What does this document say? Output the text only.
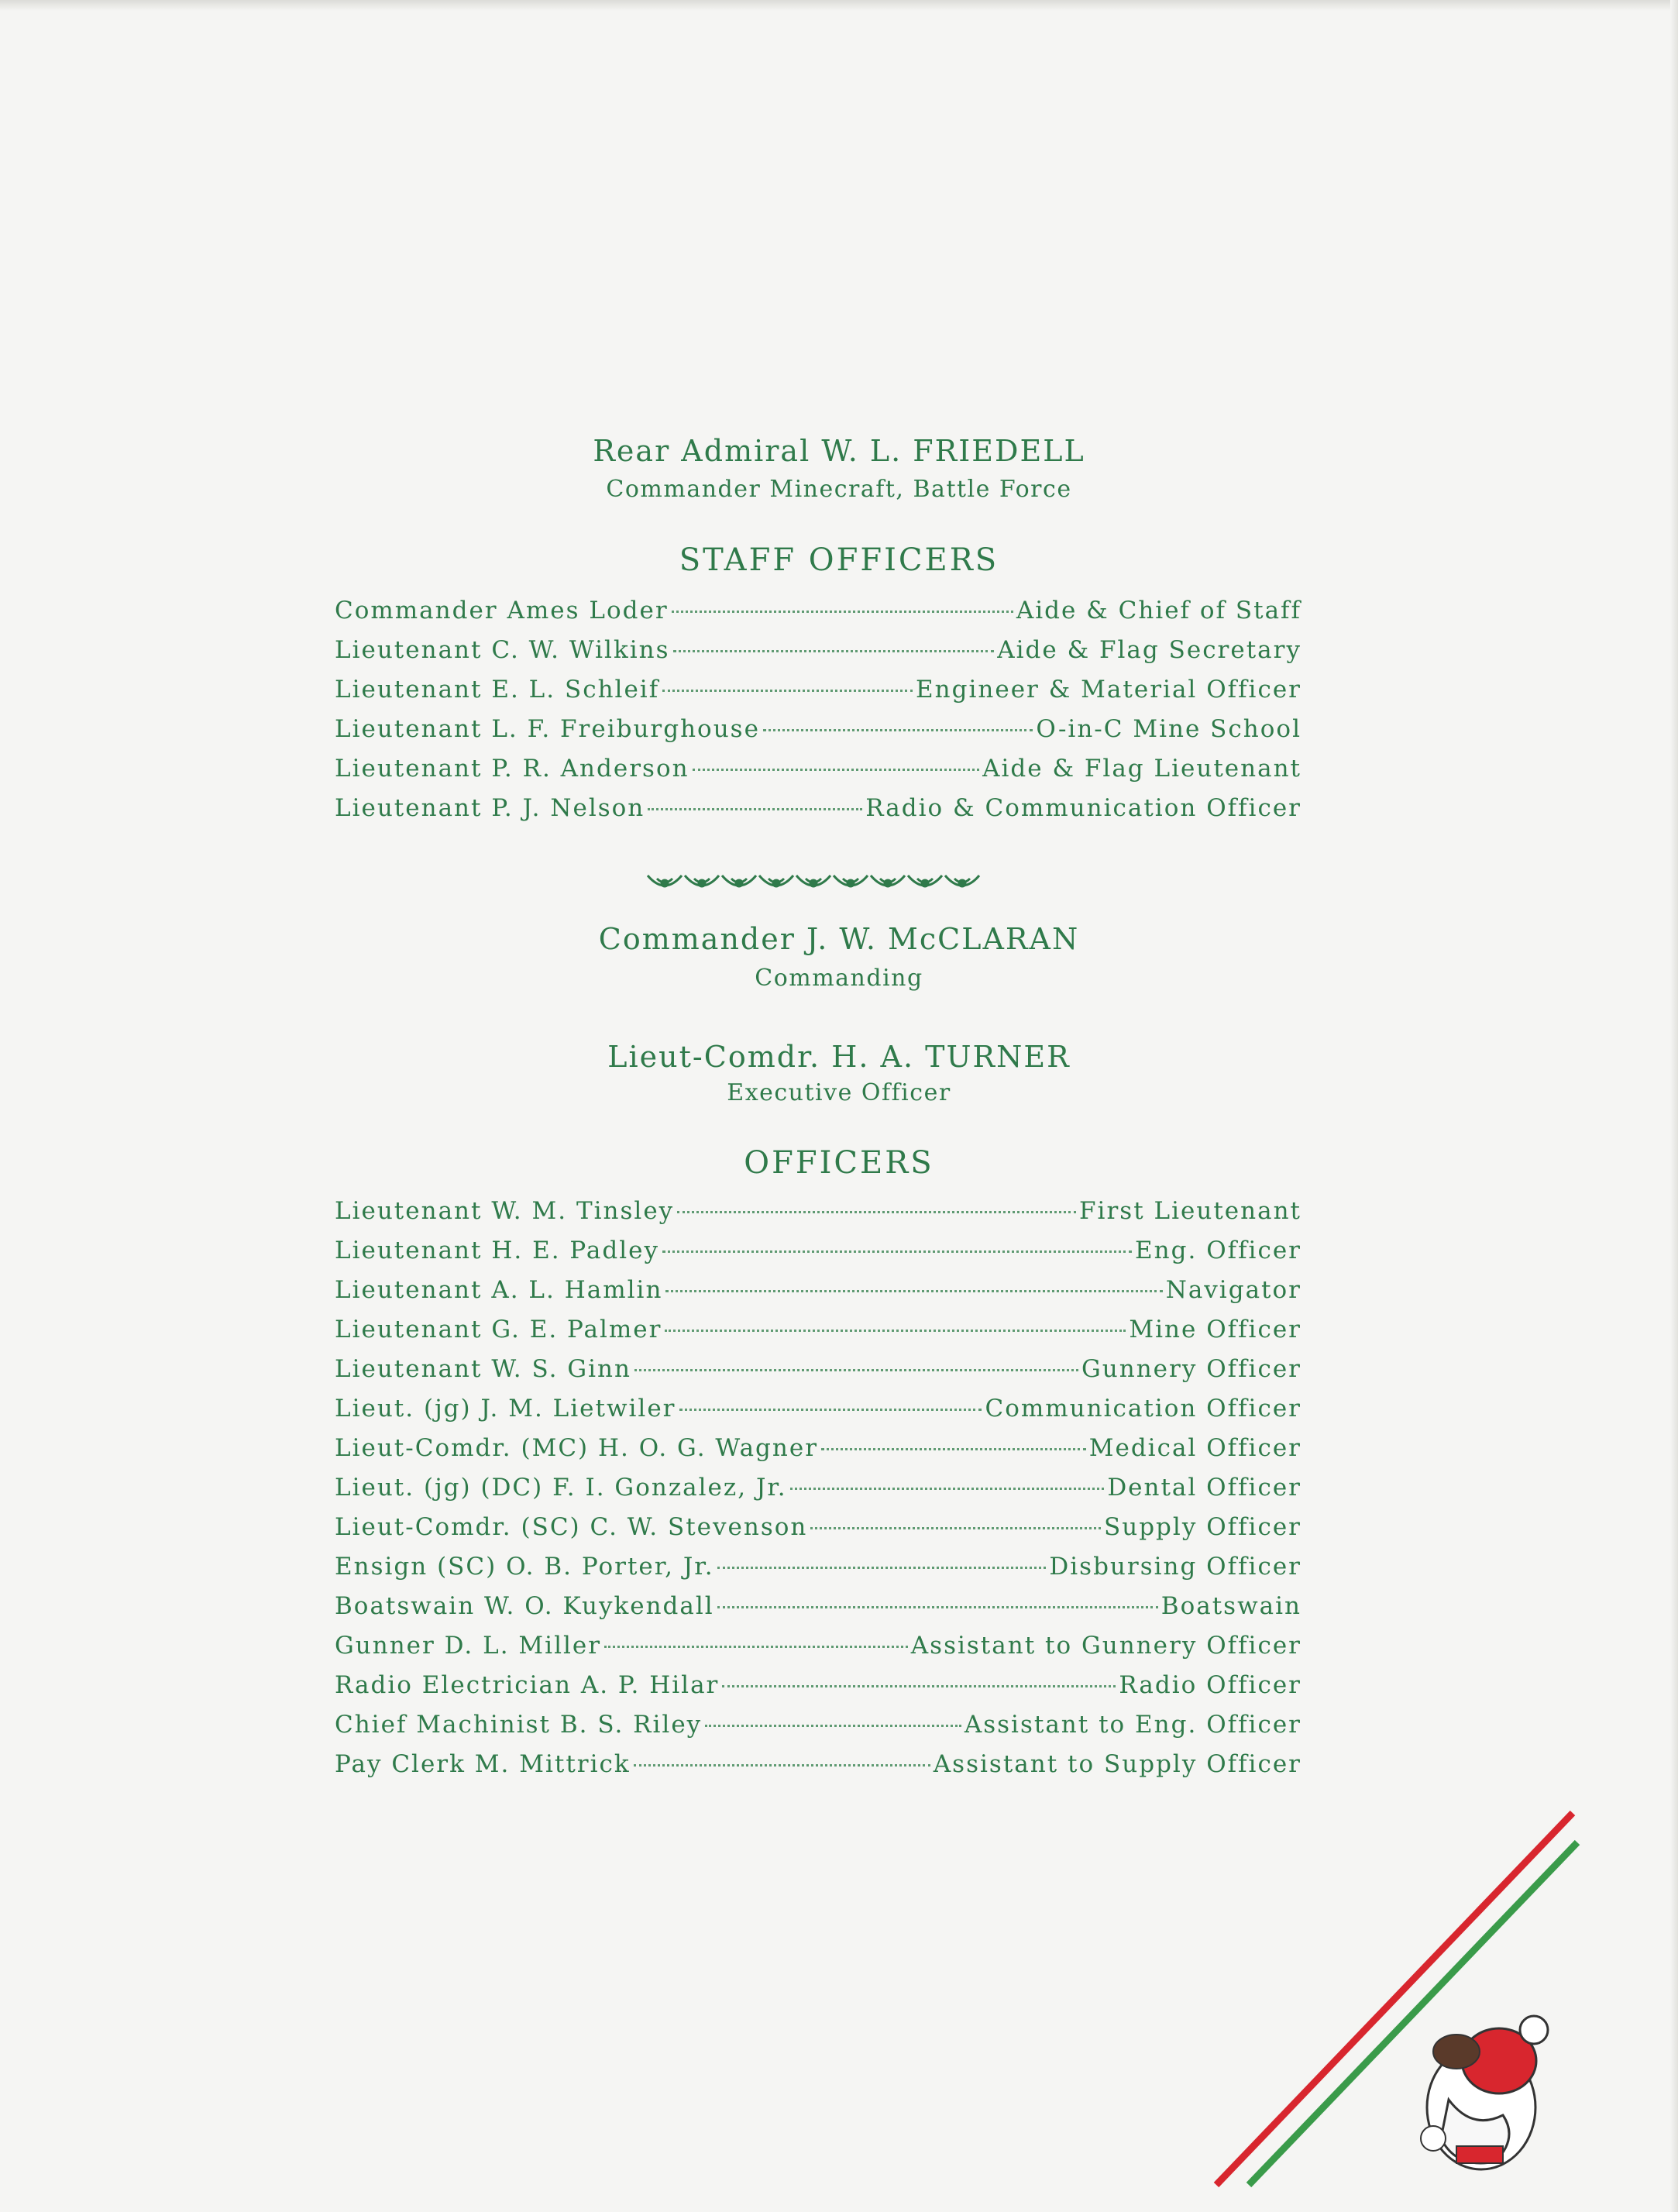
Rear Admiral W. L. FRIEDELL
Commander Minecraft, Battle Force
STAFF OFFICERS
Commander Ames Loder	Aide & Chief of Staff
Lieutenant C. W. Wilkins	Aide & Flag Secretary
Lieutenant E. L. Schleif	Engineer & Material Officer
Lieutenant L. F. Freiburghouse	O-in-C Mine School
Lieutenant P. R. Anderson	Aide & Flag Lieutenant
Lieutenant P. J. Nelson	Radio & Communication Officer
Commander J. W. McCLARAN
Commanding
Lieut-Comdr. H. A. TURNER
Executive Officer
OFFICERS
Lieutenant W. M. Tinsley	First Lieutenant
Lieutenant H. E. Padley	Eng. Officer
Lieutenant A. L. Hamlin	Navigator
Lieutenant G. E. Palmer	Mine Officer
Lieutenant W. S. Ginn	Gunnery Officer
Lieut. (jg) J. M. Lietwiler	Communication Officer
Lieut-Comdr. (MC) H. O. G. Wagner	Medical Officer
Lieut. (jg) (DC) F. I. Gonzalez, Jr.	Dental Officer
Lieut-Comdr. (SC) C. W. Stevenson	Supply Officer
Ensign (SC) O. B. Porter, Jr.	Disbursing Officer
Boatswain W. O. Kuykendall	Boatswain
Gunner D. L. Miller	Assistant to Gunnery Officer
Radio Electrician A. P. Hilar	Radio Officer
Chief Machinist B. S. Riley	Assistant to Eng. Officer
Pay Clerk M. Mittrick	Assistant to Supply Officer
